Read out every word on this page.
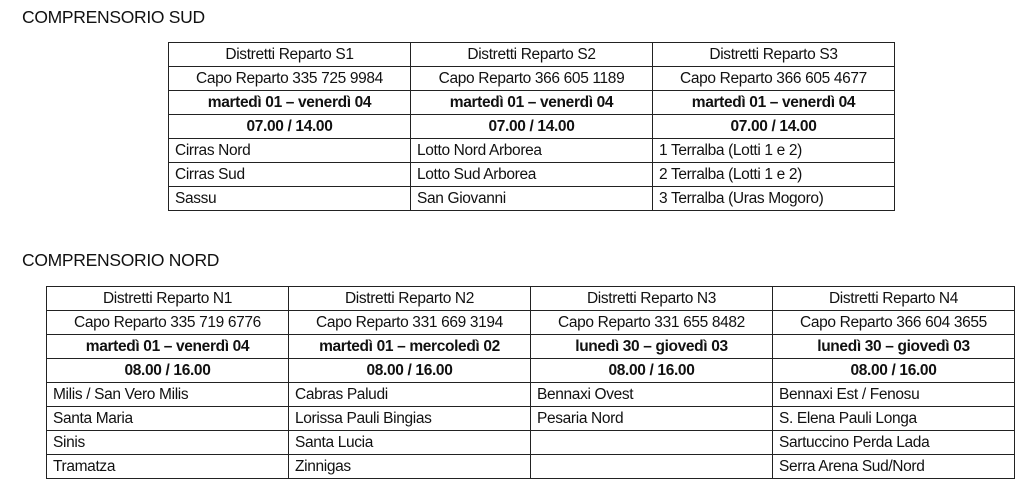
COMPRENSORIO SUD
Distretti Reparto S1	Distretti Reparto S2	Distretti Reparto S3
Capo Reparto 335 725 9984	Capo Reparto 366 605 1189	Capo Reparto 366 605 4677
martedì 01 – venerdì 04	martedì 01 – venerdì 04	martedì 01 – venerdì 04
07.00 / 14.00	07.00 / 14.00	07.00 / 14.00
Cirras Nord	Lotto Nord Arborea	1 Terralba (Lotti 1 e 2)
Cirras Sud	Lotto Sud Arborea	2 Terralba (Lotti 1 e 2)
Sassu	San Giovanni	3 Terralba (Uras Mogoro)
COMPRENSORIO NORD
Distretti Reparto N1	Distretti Reparto N2	Distretti Reparto N3	Distretti Reparto N4
Capo Reparto 335 719 6776	Capo Reparto 331 669 3194	Capo Reparto 331 655 8482	Capo Reparto 366 604 3655
martedì 01 – venerdì 04	martedì 01 – mercoledì 02	lunedì 30 – giovedì 03	lunedì 30 – giovedì 03
08.00 / 16.00	08.00 / 16.00	08.00 / 16.00	08.00 / 16.00
Milis / San Vero Milis	Cabras Paludi	Bennaxi Ovest	Bennaxi Est / Fenosu
Santa Maria	Lorissa Pauli Bingias	Pesaria Nord	S. Elena Pauli Longa
Sinis	Santa Lucia		Sartuccino Perda Lada
Tramatza	Zinnigas		Serra Arena Sud/Nord
